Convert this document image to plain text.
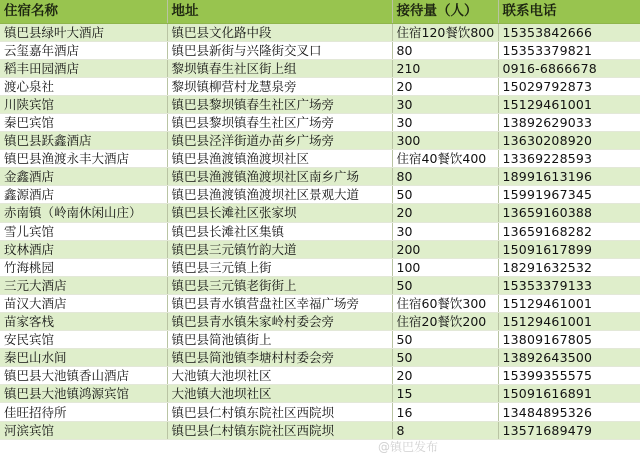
住宿名称	地址	接待量（人）	联系电话
镇巴县绿叶大酒店	镇巴县文化路中段	住宿120餐饮800	15353842666
云玺嘉年酒店	镇巴县新街与兴隆街交叉口	80	15353379821
稻丰田园酒店	黎坝镇春生社区街上组	210	0916-6866678
渡心泉社	黎坝镇柳营村龙慧泉旁	20	15029792873
川陕宾馆	镇巴县黎坝镇春生社区广场旁	30	15129461001
秦巴宾馆	镇巴县黎坝镇春生社区广场旁	30	13892629033
镇巴县跃鑫酒店	镇巴县泾洋街道办苗乡广场旁	300	13630208920
镇巴县渔渡永丰大酒店	镇巴县渔渡镇渔渡坝社区	住宿40餐饮400	13369228593
金鑫酒店	镇巴县渔渡镇渔渡坝社区南乡广场	80	18991613196
鑫源酒店	镇巴县渔渡镇渔渡坝社区景观大道	50	15991967345
赤南镇（岭南休闲山庄）	镇巴县长滩社区张家坝	20	13659160388
雪儿宾馆	镇巴县长滩社区集镇	30	13659168282
玟林酒店	镇巴县三元镇竹韵大道	200	15091617899
竹海桃园	镇巴县三元镇上街	100	18291632532
三元大酒店	镇巴县三元镇老街街上	50	15353379133
苗汉大酒店	镇巴县青水镇营盘社区幸福广场旁	住宿60餐饮300	15129461001
苗家客栈	镇巴县青水镇朱家岭村委会旁	住宿20餐饮200	15129461001
安民宾馆	镇巴县简池镇街上	50	13809167805
秦巴山水间	镇巴县简池镇李塘村村委会旁	50	13892643500
镇巴县大池镇香山酒店	大池镇大池坝社区	20	15399355575
镇巴县大池镇鸿源宾馆	大池镇大池坝社区	15	15091616891
佳旺招待所	镇巴县仁村镇东院社区西院坝	16	13484895326
河滨宾馆	镇巴县仁村镇东院社区西院坝	8	13571689479
@镇巴发布
